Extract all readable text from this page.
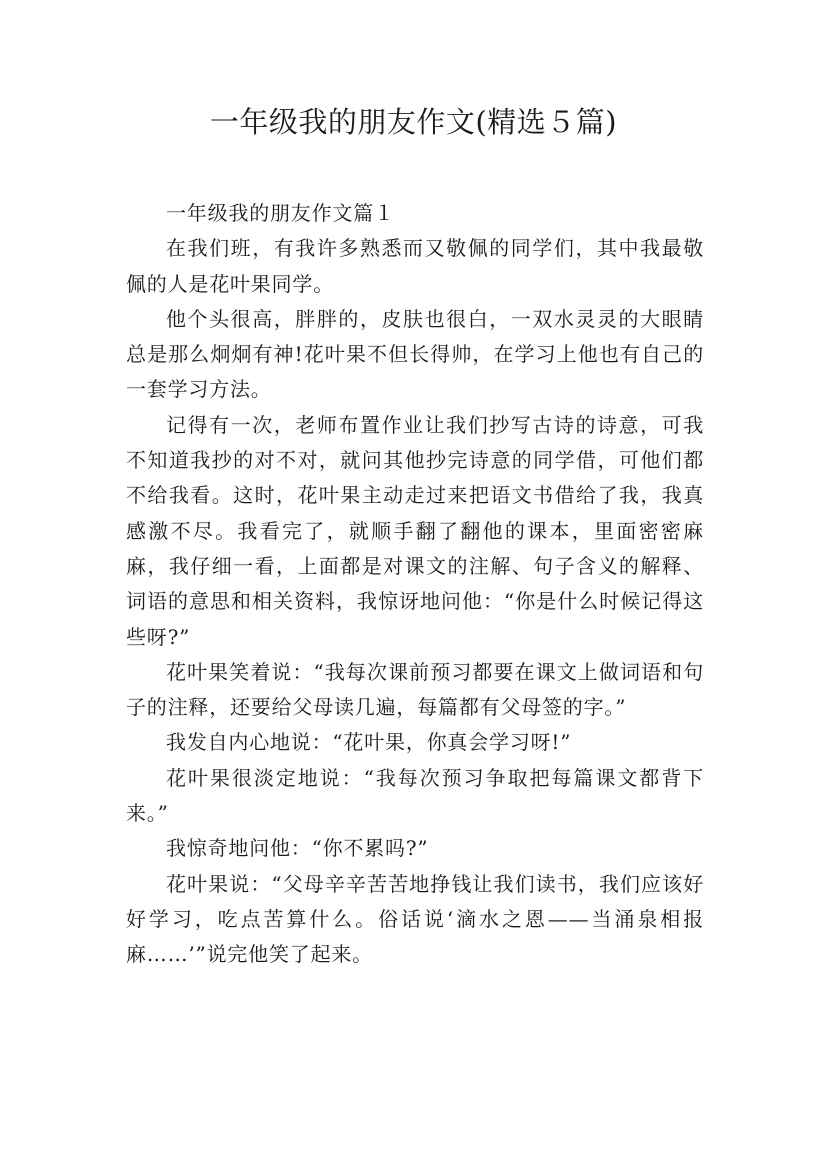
一年级我的朋友作文(精选５篇)

一年级我的朋友作文篇１

在我们班，有我许多熟悉而又敬佩的同学们，其中我最敬佩的人是花叶果同学。

他个头很高，胖胖的，皮肤也很白，一双水灵灵的大眼睛总是那么炯炯有神!花叶果不但长得帅，在学习上他也有自己的一套学习方法。

记得有一次，老师布置作业让我们抄写古诗的诗意，可我不知道我抄的对不对，就问其他抄完诗意的同学借，可他们都不给我看。这时，花叶果主动走过来把语文书借给了我，我真感激不尽。我看完了，就顺手翻了翻他的课本，里面密密麻麻，我仔细一看，上面都是对课文的注解、句子含义的解释、词语的意思和相关资料，我惊讶地问他：“你是什么时候记得这些呀?”

花叶果笑着说：“我每次课前预习都要在课文上做词语和句子的注释，还要给父母读几遍，每篇都有父母签的字。”

我发自内心地说：“花叶果，你真会学习呀!”

花叶果很淡定地说：“我每次预习争取把每篇课文都背下来。”

我惊奇地问他：“你不累吗?”

花叶果说：“父母辛辛苦苦地挣钱让我们读书，我们应该好好学习，吃点苦算什么。俗话说‘滴水之恩——当涌泉相报麻……’”说完他笑了起来。
